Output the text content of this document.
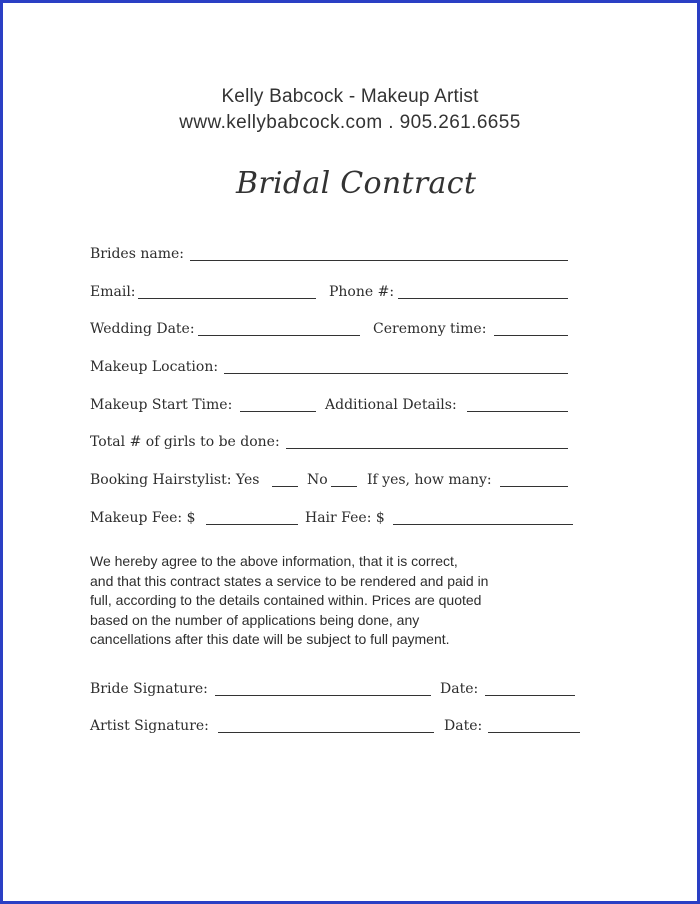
Kelly Babcock - Makeup Artist
www.kellybabcock.com . 905.261.6655
Bridal Contract
Brides name:
Email:	Phone #:
Wedding Date:	Ceremony time:
Makeup Location:
Makeup Start Time:	Additional Details:
Total # of girls to be done:
Booking Hairstylist: Yes	No	If yes, how many:
Makeup Fee: $	Hair Fee: $
We hereby agree to the above information, that it is correct,
and that this contract states a service to be rendered and paid in
full, according to the details contained within. Prices are quoted
based on the number of applications being done, any
cancellations after this date will be subject to full payment.
Bride Signature:	Date:
Artist Signature:	Date:
